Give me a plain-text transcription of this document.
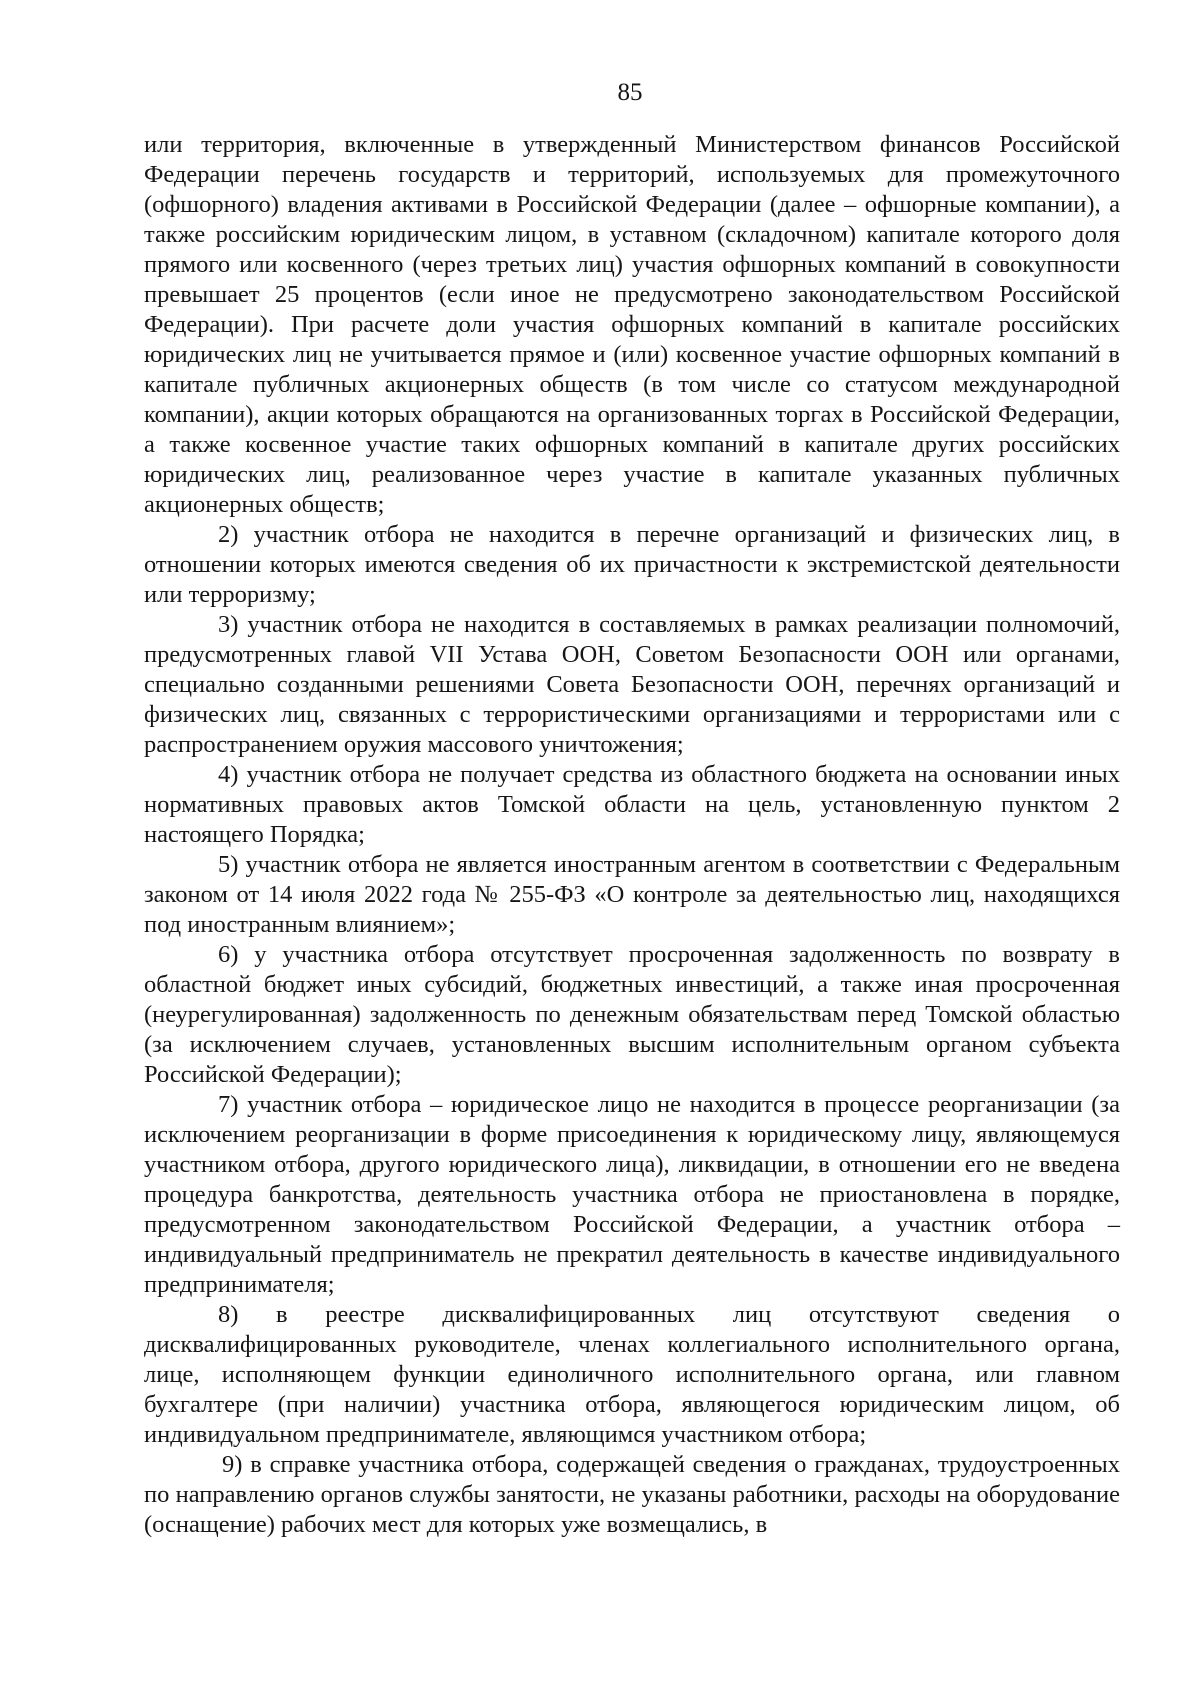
85

или территория, включенные в утвержденный Министерством финансов Российской Федерации перечень государств и территорий, используемых для промежуточного (офшорного) владения активами в Российской Федерации (далее – офшорные компании), а также российским юридическим лицом, в уставном (складочном) капитале которого доля прямого или косвенного (через третьих лиц) участия офшорных компаний в совокупности превышает 25 процентов (если иное не предусмотрено законодательством Российской Федерации). При расчете доли участия офшорных компаний в капитале российских юридических лиц не учитывается прямое и (или) косвенное участие офшорных компаний в капитале публичных акционерных обществ (в том числе со статусом международной компании), акции которых обращаются на организованных торгах в Российской Федерации, а также косвенное участие таких офшорных компаний в капитале других российских юридических лиц, реализованное через участие в капитале указанных публичных акционерных обществ;

2) участник отбора не находится в перечне организаций и физических лиц, в отношении которых имеются сведения об их причастности к экстремистской деятельности или терроризму;

3) участник отбора не находится в составляемых в рамках реализации полномочий, предусмотренных главой VII Устава ООН, Советом Безопасности ООН или органами, специально созданными решениями Совета Безопасности ООН, перечнях организаций и физических лиц, связанных с террористическими организациями и террористами или с распространением оружия массового уничтожения;

4) участник отбора не получает средства из областного бюджета на основании иных нормативных правовых актов Томской области на цель, установленную пунктом 2 настоящего Порядка;

5) участник отбора не является иностранным агентом в соответствии с Федеральным законом от 14 июля 2022 года № 255-ФЗ «О контроле за деятельностью лиц, находящихся под иностранным влиянием»;

6) у участника отбора отсутствует просроченная задолженность по возврату в областной бюджет иных субсидий, бюджетных инвестиций, а также иная просроченная (неурегулированная) задолженность по денежным обязательствам перед Томской областью (за исключением случаев, установленных высшим исполнительным органом субъекта Российской Федерации);

7) участник отбора – юридическое лицо не находится в процессе реорганизации (за исключением реорганизации в форме присоединения к юридическому лицу, являющемуся участником отбора, другого юридического лица), ликвидации, в отношении его не введена процедура банкротства, деятельность участника отбора не приостановлена в порядке, предусмотренном законодательством Российской Федерации, а участник отбора – индивидуальный предприниматель не прекратил деятельность в качестве индивидуального предпринимателя;

8) в реестре дисквалифицированных лиц отсутствуют сведения о дисквалифицированных руководителе, членах коллегиального исполнительного органа, лице, исполняющем функции единоличного исполнительного органа, или главном бухгалтере (при наличии) участника отбора, являющегося юридическим лицом, об индивидуальном предпринимателе, являющимся участником отбора;

9) в справке участника отбора, содержащей сведения о гражданах, трудоустроенных по направлению органов службы занятости, не указаны работники, расходы на оборудование (оснащение) рабочих мест для которых уже возмещались, в
